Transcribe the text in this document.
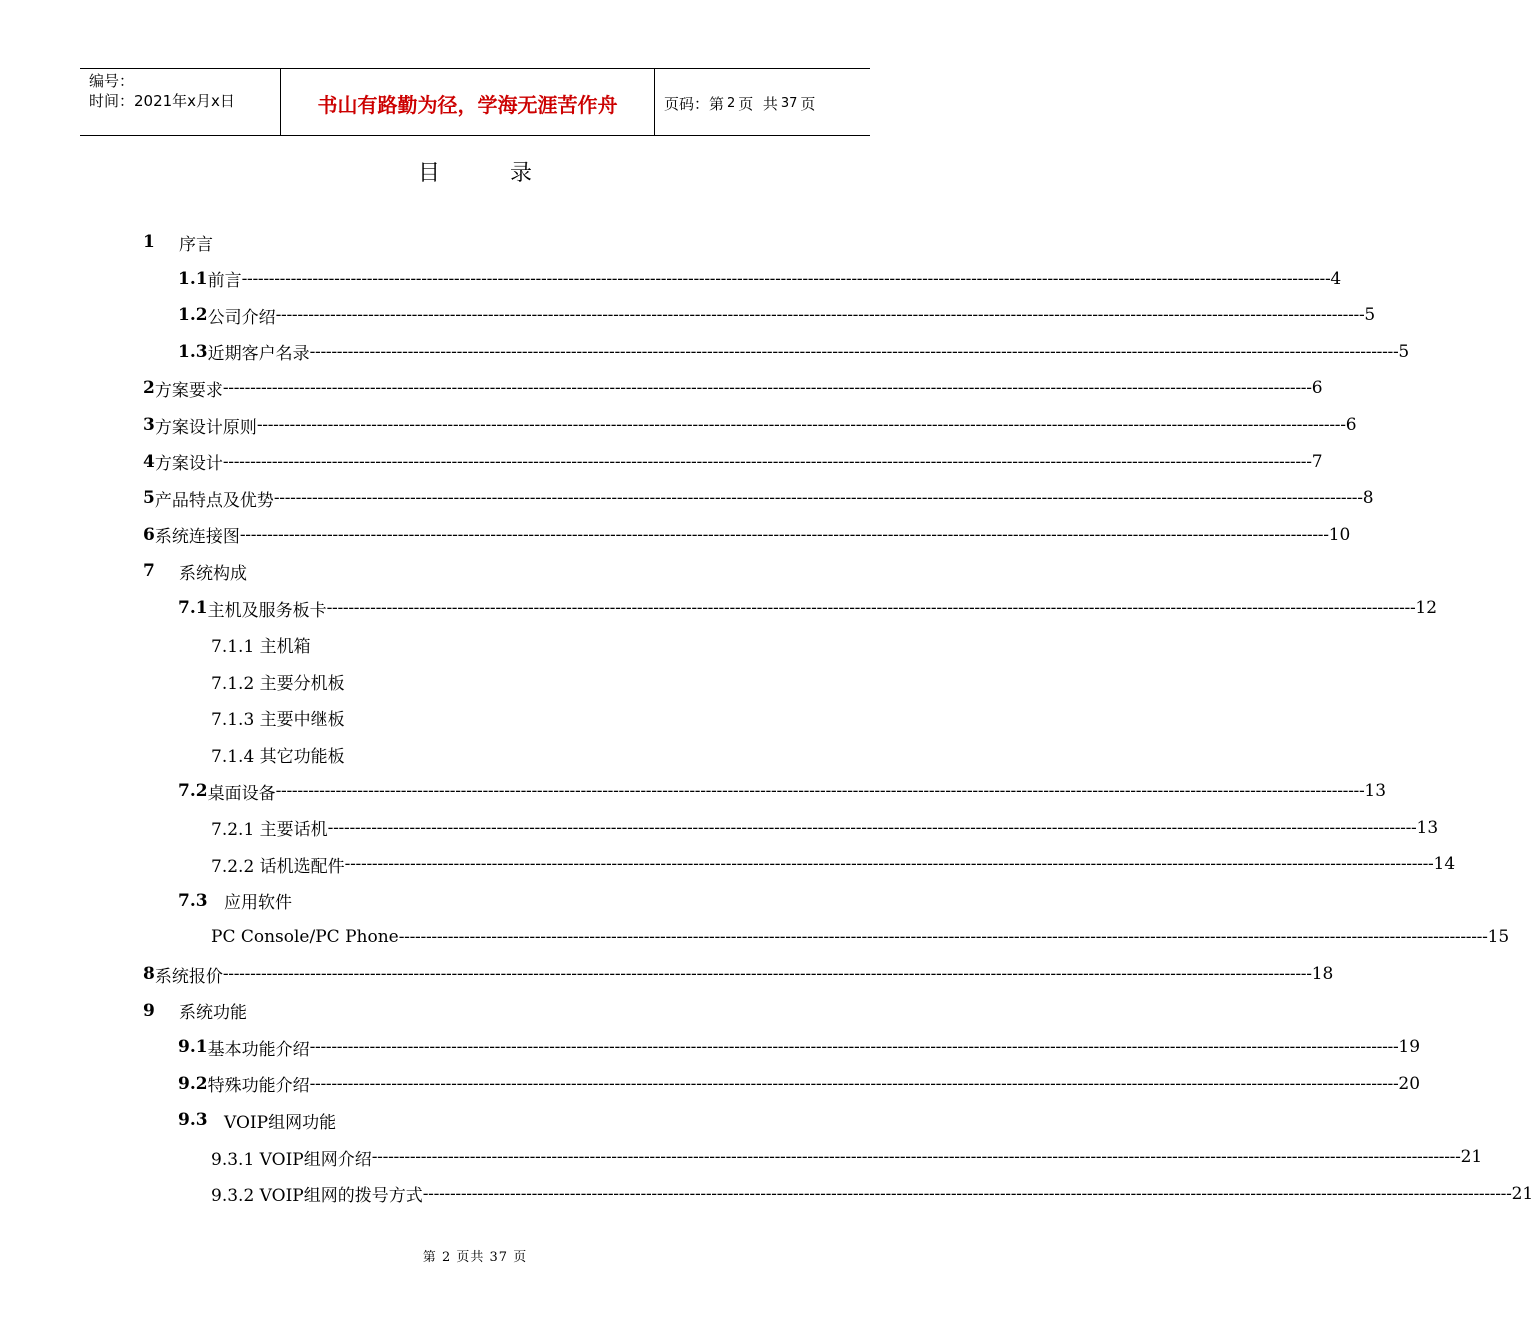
编号：
时间：2021年x月x日	书山有路勤为径，学海无涯苦作舟	页码：第 2 页  共 37 页
目录
1	序言
1.1 前言 -------------------------------------------------------------------------------------------------------------------------------------------------------------------------------------------------------- 4
1.2 公司介绍 -------------------------------------------------------------------------------------------------------------------------------------------------------------------------------------------------------- 5
1.3 近期客户名录 -------------------------------------------------------------------------------------------------------------------------------------------------------------------------------------------------------- 5
2 方案要求 -------------------------------------------------------------------------------------------------------------------------------------------------------------------------------------------------------- 6
3 方案设计原则 -------------------------------------------------------------------------------------------------------------------------------------------------------------------------------------------------------- 6
4 方案设计 -------------------------------------------------------------------------------------------------------------------------------------------------------------------------------------------------------- 7
5 产品特点及优势 -------------------------------------------------------------------------------------------------------------------------------------------------------------------------------------------------------- 8
6 系统连接图 -------------------------------------------------------------------------------------------------------------------------------------------------------------------------------------------------------- 10
7	系统构成
7.1 主机及服务板卡 -------------------------------------------------------------------------------------------------------------------------------------------------------------------------------------------------------- 12
7.1.1 主机箱
7.1.2 主要分机板
7.1.3 主要中继板
7.1.4 其它功能板
7.2 桌面设备 -------------------------------------------------------------------------------------------------------------------------------------------------------------------------------------------------------- 13
7.2.1 主要话机 -------------------------------------------------------------------------------------------------------------------------------------------------------------------------------------------------------- 13
7.2.2 话机选配件 -------------------------------------------------------------------------------------------------------------------------------------------------------------------------------------------------------- 14
7.3 应用软件
PC Console/PC Phone -------------------------------------------------------------------------------------------------------------------------------------------------------------------------------------------------------- 15
8 系统报价 -------------------------------------------------------------------------------------------------------------------------------------------------------------------------------------------------------- 18
9	系统功能
9.1 基本功能介绍 -------------------------------------------------------------------------------------------------------------------------------------------------------------------------------------------------------- 19
9.2 特殊功能介绍 -------------------------------------------------------------------------------------------------------------------------------------------------------------------------------------------------------- 20
9.3 VOIP组网功能
9.3.1 VOIP组网介绍 -------------------------------------------------------------------------------------------------------------------------------------------------------------------------------------------------------- 21
9.3.2 VOIP组网的拨号方式 -------------------------------------------------------------------------------------------------------------------------------------------------------------------------------------------------------- 21
第 2 页共 37 页
